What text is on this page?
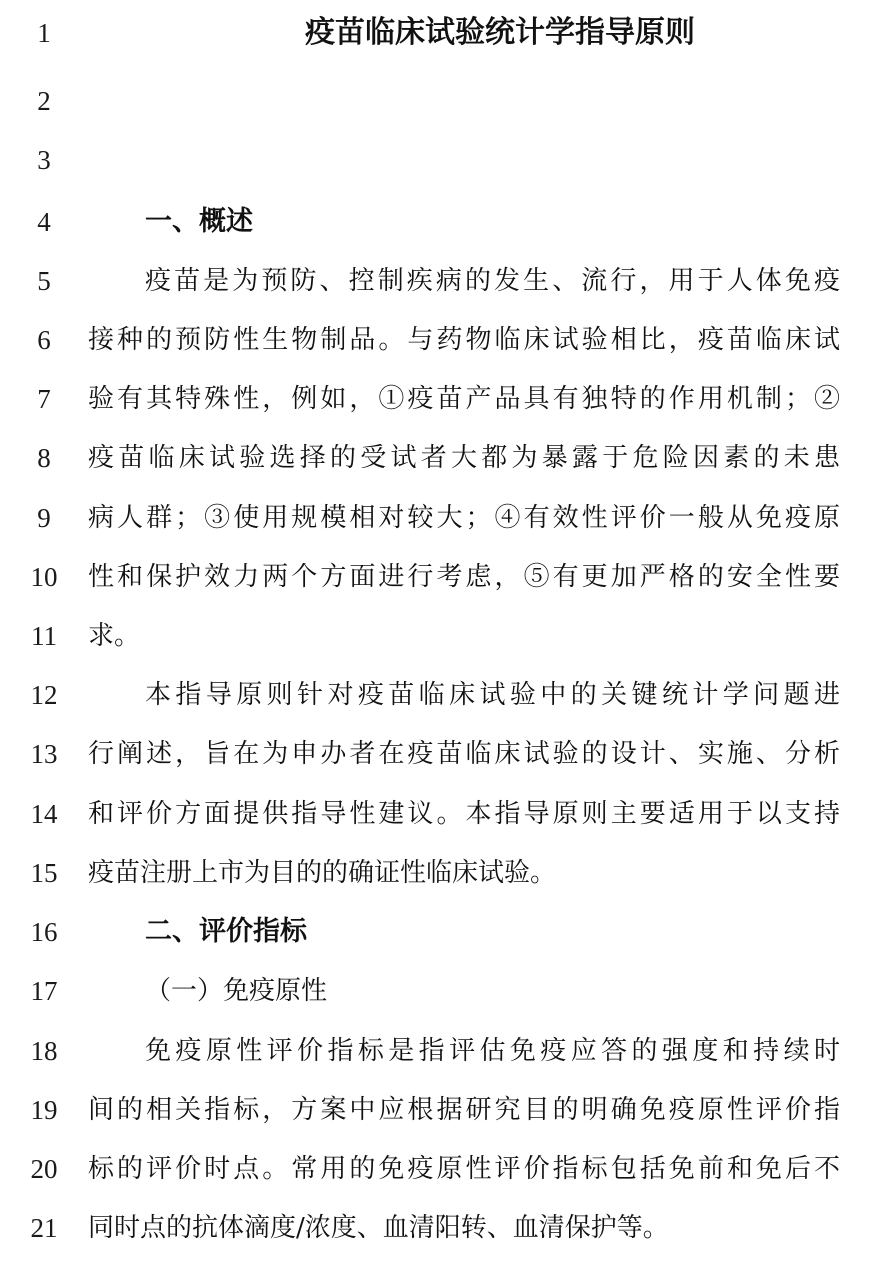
1	疫苗临床试验统计学指导原则
2
3
4	一、概述
5	疫苗是为预防、控制疾病的发生、流行，用于人体免疫
6	接种的预防性生物制品。与药物临床试验相比，疫苗临床试
7	验有其特殊性，例如，①疫苗产品具有独特的作用机制；②
8	疫苗临床试验选择的受试者大都为暴露于危险因素的未患
9	病人群；③使用规模相对较大；④有效性评价一般从免疫原
10	性和保护效力两个方面进行考虑，⑤有更加严格的安全性要
11	求。
12	本指导原则针对疫苗临床试验中的关键统计学问题进
13	行阐述，旨在为申办者在疫苗临床试验的设计、实施、分析
14	和评价方面提供指导性建议。本指导原则主要适用于以支持
15	疫苗注册上市为目的的确证性临床试验。
16	二、评价指标
17	（一）免疫原性
18	免疫原性评价指标是指评估免疫应答的强度和持续时
19	间的相关指标，方案中应根据研究目的明确免疫原性评价指
20	标的评价时点。常用的免疫原性评价指标包括免前和免后不
21	同时点的抗体滴度/浓度、血清阳转、血清保护等。
